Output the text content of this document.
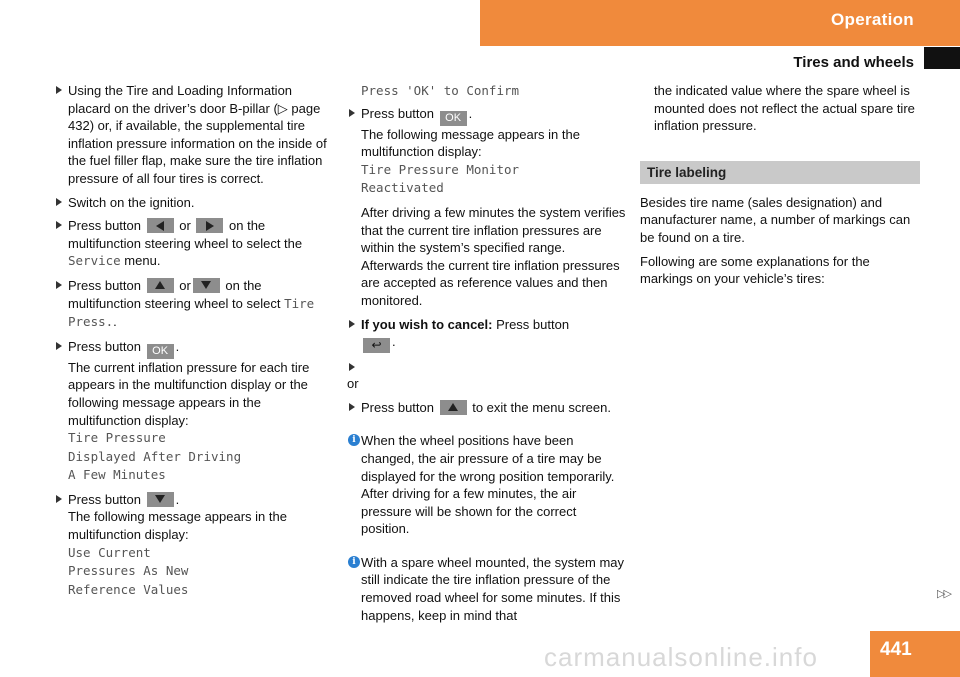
Operation
Tires and wheels
Using the Tire and Loading Information placard on the driver’s door B-pillar (▷ page 432) or, if available, the supplemental tire inflation pressure information on the inside of the fuel filler flap, make sure the tire inflation pressure of all four tires is correct.
Switch on the ignition.
Press button
or
on the multifunction steering wheel to select the Service menu.
Press button
or
on the multifunction steering wheel to select Tire Press..
Press button OK .
The current inflation pressure for each tire appears in the multifunction display or the following message appears in the multifunction display:
Tire Pressure
Displayed After Driving
A Few Minutes
Press button
.
The following message appears in the multifunction display:
Use Current
Pressures As New
Reference Values
Press 'OK' to Confirm
Press button OK .
The following message appears in the multifunction display:
Tire Pressure Monitor
Reactivated

After driving a few minutes the system verifies that the current tire inflation pressures are within the system’s specified range. Afterwards the current tire inflation pressures are accepted as reference values and then monitored.

If you wish to cancel: Press button

↩ .
or
Press button
to exit the menu screen.
i When the wheel positions have been changed, the air pressure of a tire may be displayed for the wrong position temporarily. After driving for a few minutes, the air pressure will be shown for the correct position.
i With a spare wheel mounted, the system may still indicate the tire inflation pressure of the removed road wheel for some minutes. If this happens, keep in mind that

the indicated value where the spare wheel is mounted does not reflect the actual spare tire inflation pressure.

Tire labeling

Besides tire name (sales designation) and manufacturer name, a number of markings can be found on a tire.

Following are some explanations for the markings on your vehicle’s tires:

▷▷
carmanualsonline.info	441
